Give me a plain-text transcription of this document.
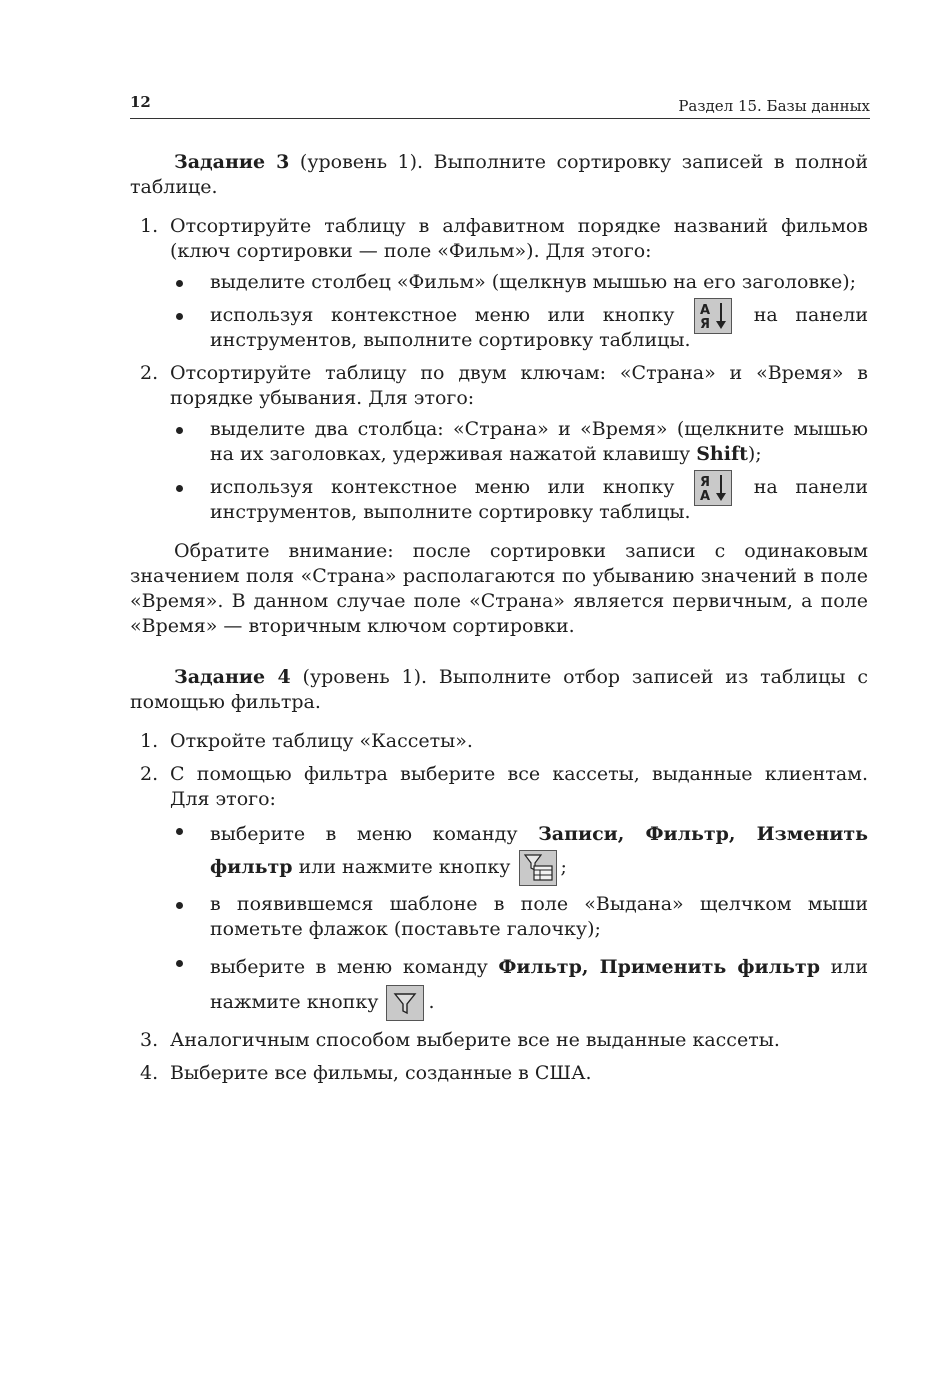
12	Раздел 15. Базы данных

Задание 3 (уровень 1). Выполните сортировку записей в полной таблице.

1. Отсортируйте таблицу в алфавитном порядке названий фильмов (ключ сортировки — поле «Фильм»). Для этого:
выделите столбец «Фильм» (щелкнув мышью на его заголовке);
используя контекстное меню или кнопку А
Я на панели инструментов, выполните сортировку таблицы.
2. Отсортируйте таблицу по двум ключам: «Страна» и «Время» в порядке убывания. Для этого:
выделите два столбца: «Страна» и «Время» (щелкните мышью на их заголовках, удерживая нажатой клавишу Shift);
используя контекстное меню или кнопку Я
А на панели инструментов, выполните сортировку таблицы.

Обратите внимание: после сортировки записи с одинаковым значением поля «Страна» располагаются по убыванию значений в поле «Время». В данном случае поле «Страна» является первичным, а поле «Время» — вторичным ключом сортировки.

Задание 4 (уровень 1). Выполните отбор записей из таблицы с помощью фильтра.

1. Откройте таблицу «Кассеты».
2. С помощью фильтра выберите все кассеты, выданные клиентам. Для этого:
выберите в меню команду Записи, Фильтр, Изменить фильтр или нажмите кнопку	;
в появившемся шаблоне в поле «Выдана» щелчком мыши пометьте флажок (поставьте галочку);
выберите в меню команду Фильтр, Применить фильтр или нажмите кнопку	.
3. Аналогичным способом выберите все не выданные кассеты.
4. Выберите все фильмы, созданные в США.
